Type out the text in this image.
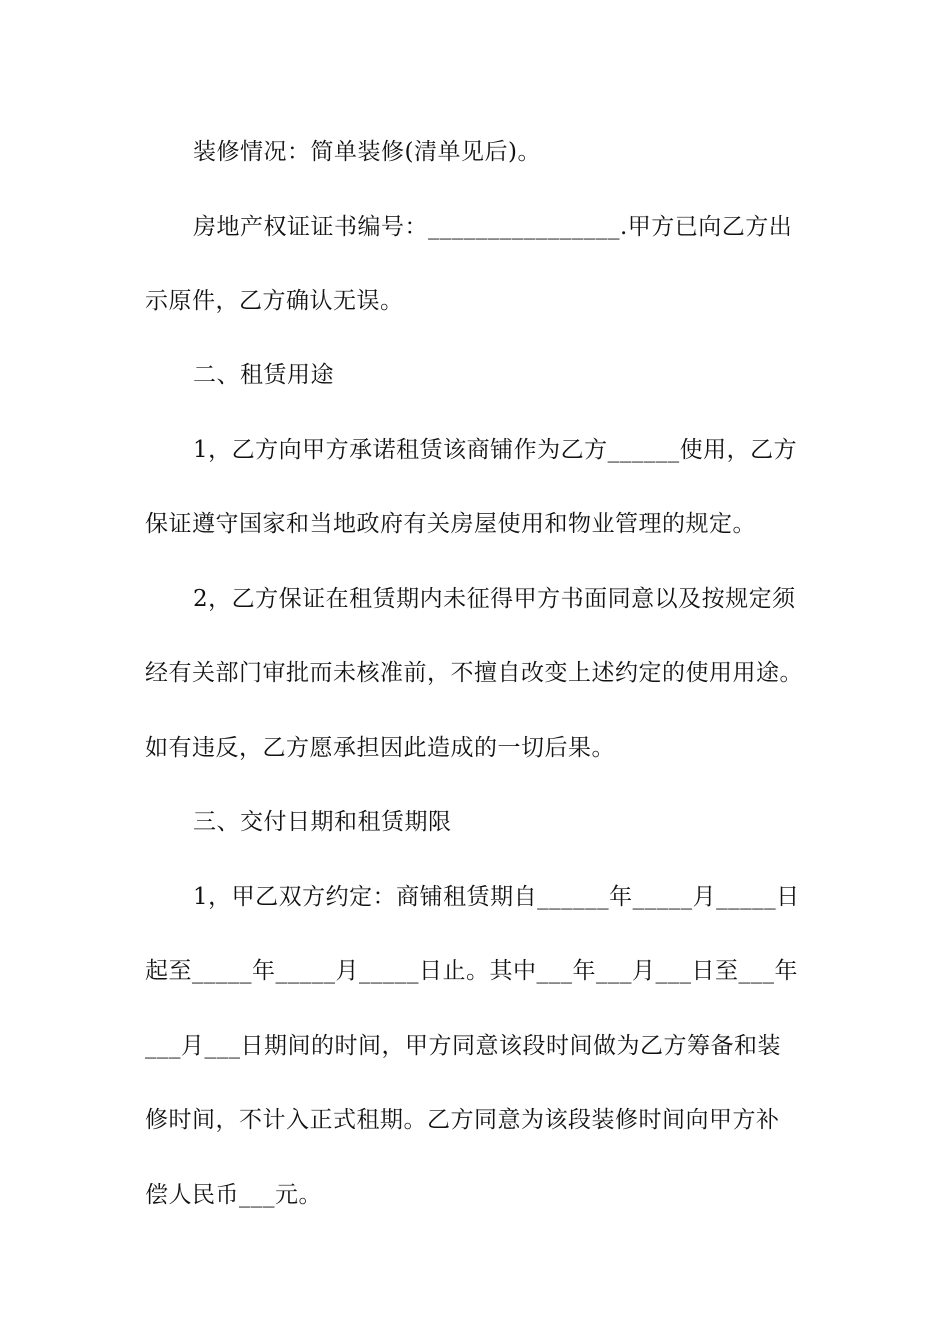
装修情况：简单装修(清单见后)。
房地产权证证书编号：________________.甲方已向乙方出
示原件，乙方确认无误。
二、租赁用途
1，乙方向甲方承诺租赁该商铺作为乙方______使用，乙方
保证遵守国家和当地政府有关房屋使用和物业管理的规定。
2，乙方保证在租赁期内未征得甲方书面同意以及按规定须
经有关部门审批而未核准前，不擅自改变上述约定的使用用途。
如有违反，乙方愿承担因此造成的一切后果。
三、交付日期和租赁期限
1，甲乙双方约定：商铺租赁期自______年_____月_____日
起至_____年_____月_____日止。其中___年___月___日至___年
___月___日期间的时间，甲方同意该段时间做为乙方筹备和装
修时间，不计入正式租期。乙方同意为该段装修时间向甲方补
偿人民币___元。
